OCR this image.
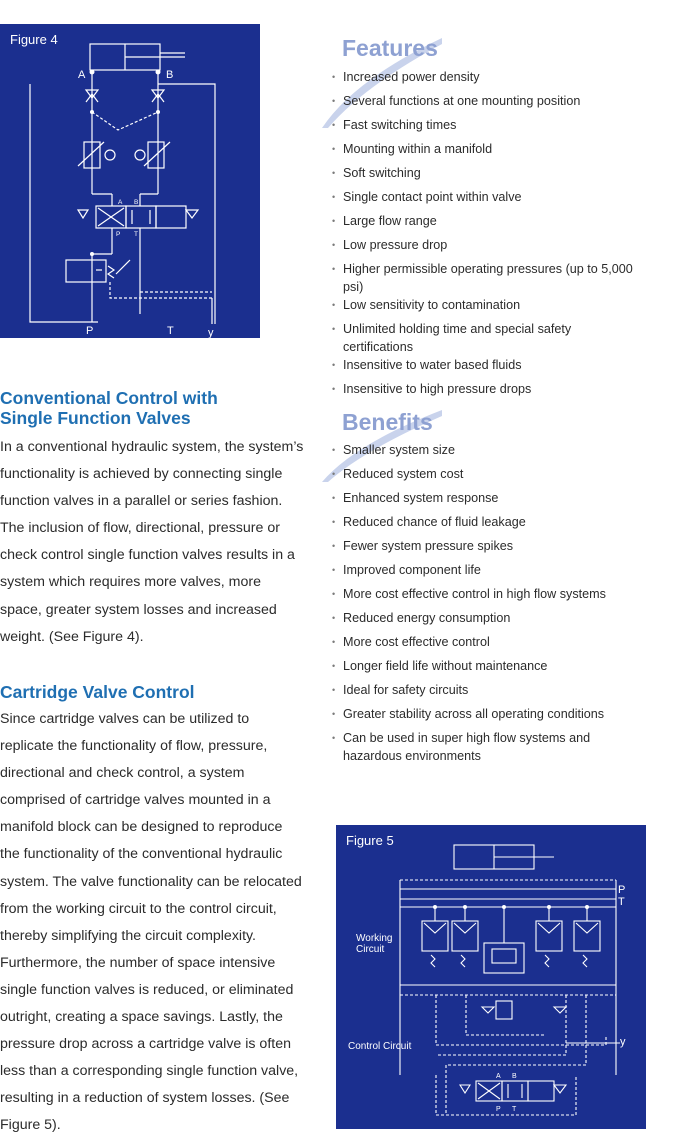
Figure 4
A	B
P	T	y
A B
P T
Features
• Increased power density
• Several functions at one mounting position
• Fast switching times
• Mounting within a manifold
• Soft switching
• Single contact point within valve
• Large flow range
• Low pressure drop
• Higher permissible operating pressures (up to 5,000 psi)
• Low sensitivity to contamination
• Unlimited holding time and special safety certifications
• Insensitive to water based fluids
• Insensitive to high pressure drops
Conventional Control with
Single Function Valves

In a conventional hydraulic system, the system’s functionality is achieved by connecting single function valves in a parallel or series fashion. The inclusion of flow, directional, pressure or check control single function valves results in a system which requires more valves, more space, greater system losses and increased weight. (See Figure 4).

Benefits
• Smaller system size
• Reduced system cost
• Enhanced system response
• Reduced chance of fluid leakage
• Fewer system pressure spikes
• Improved component life
• More cost effective control in high flow systems
• Reduced energy consumption
• More cost effective control
• Longer field life without maintenance
• Ideal for safety circuits
• Greater stability across all operating conditions
• Can be used in super high flow systems and hazardous environments
Cartridge Valve Control

Since cartridge valves can be utilized to replicate the functionality of flow, pressure, directional and check control, a system comprised of cartridge valves mounted in a manifold block can be designed to reproduce the functionality of the conventional hydraulic system. The valve functionality can be relocated from the working circuit to the control circuit, thereby simplifying the circuit complexity. Furthermore, the number of space intensive single function valves is reduced, or eliminated outright, creating a space savings. Lastly, the pressure drop across a cartridge valve is often less than a corresponding single function valve, resulting in a reduction of system losses. (See Figure 5).

Figure 5
P
T
y
Working
Circuit
Control Circuit
A B
P T
